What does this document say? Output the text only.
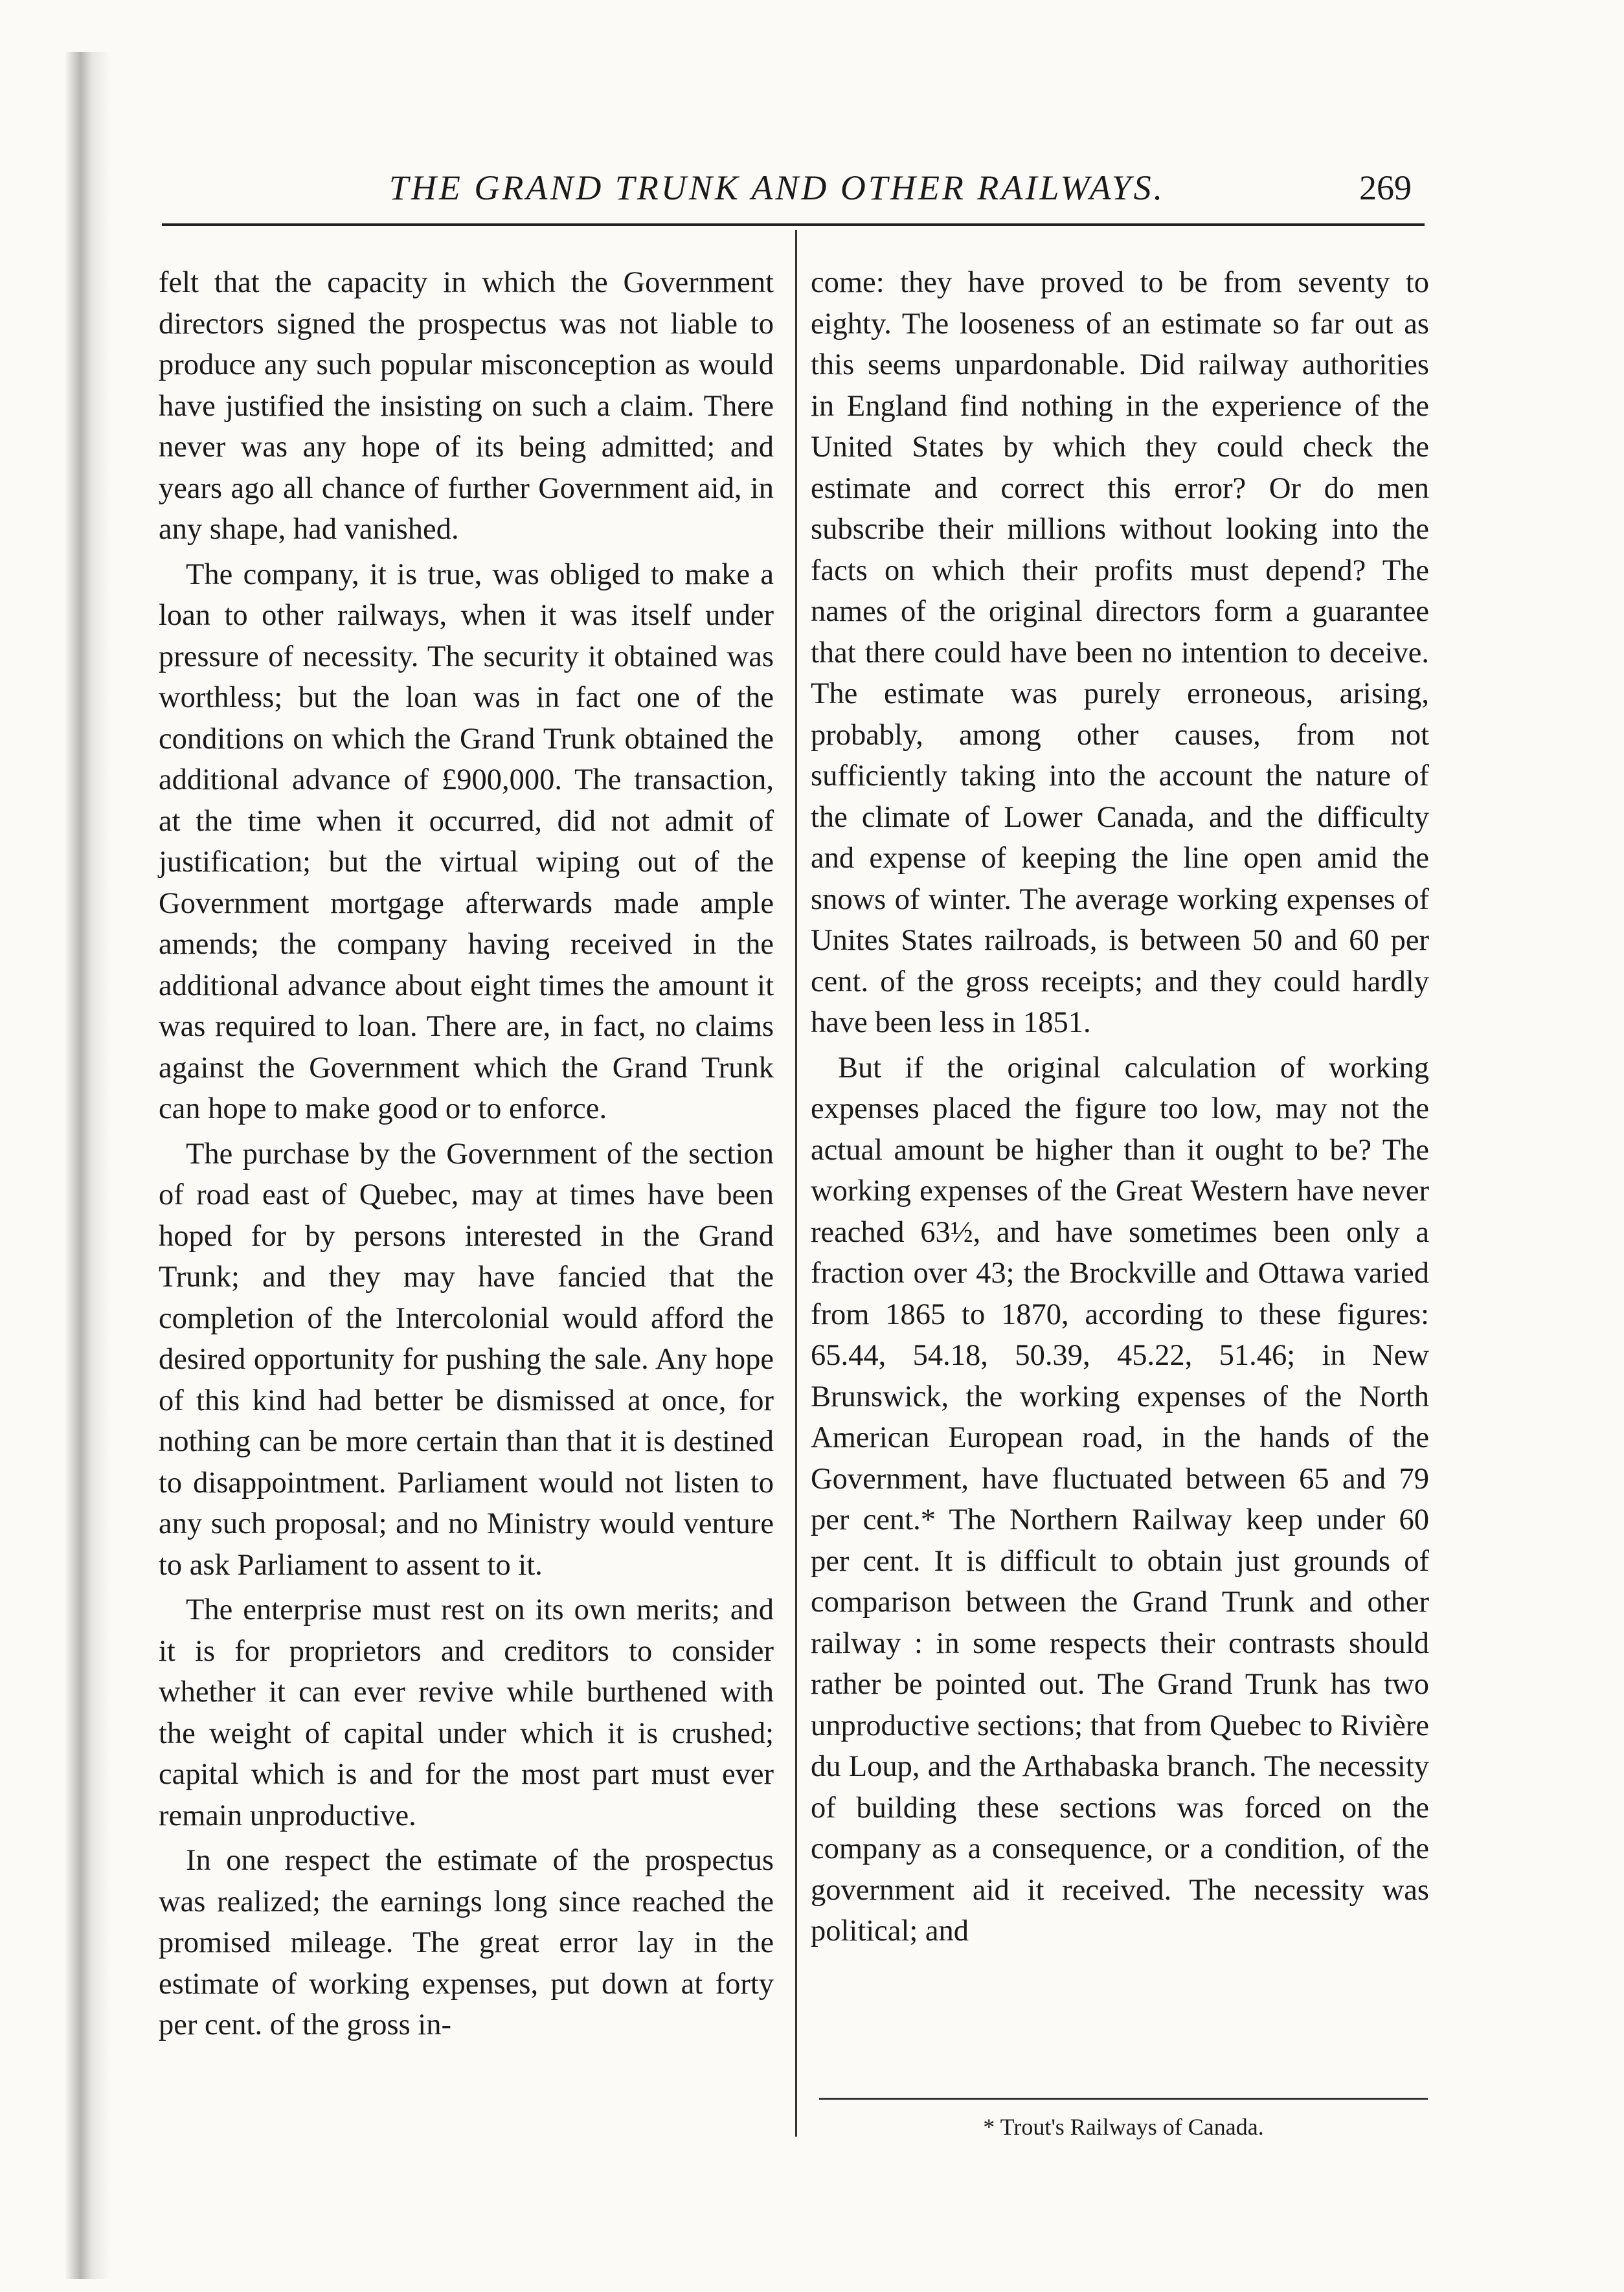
THE GRAND TRUNK AND OTHER RAILWAYS.	269

felt that the capacity in which the Government directors signed the prospectus was not liable to produce any such popular misconception as would have justified the insisting on such a claim. There never was any hope of its being admitted; and years ago all chance of further Government aid, in any shape, had vanished.

The company, it is true, was obliged to make a loan to other railways, when it was itself under pressure of necessity. The security it obtained was worthless; but the loan was in fact one of the conditions on which the Grand Trunk obtained the additional advance of £900,000. The transaction, at the time when it occurred, did not admit of justification; but the virtual wiping out of the Government mortgage afterwards made ample amends; the company having received in the additional advance about eight times the amount it was required to loan. There are, in fact, no claims against the Government which the Grand Trunk can hope to make good or to enforce.

The purchase by the Government of the section of road east of Quebec, may at times have been hoped for by persons interested in the Grand Trunk; and they may have fancied that the completion of the Intercolonial would afford the desired opportunity for pushing the sale. Any hope of this kind had better be dismissed at once, for nothing can be more certain than that it is destined to disappointment. Parliament would not listen to any such proposal; and no Ministry would venture to ask Parliament to assent to it.

The enterprise must rest on its own merits; and it is for proprietors and creditors to consider whether it can ever revive while burthened with the weight of capital under which it is crushed; capital which is and for the most part must ever remain unproductive.

In one respect the estimate of the prospectus was realized; the earnings long since reached the promised mileage. The great error lay in the estimate of working expenses, put down at forty per cent. of the gross in-

come: they have proved to be from seventy to eighty. The looseness of an estimate so far out as this seems unpardonable. Did railway authorities in England find nothing in the experience of the United States by which they could check the estimate and correct this error? Or do men subscribe their millions without looking into the facts on which their profits must depend? The names of the original directors form a guarantee that there could have been no intention to deceive. The estimate was purely erroneous, arising, probably, among other causes, from not sufficiently taking into the account the nature of the climate of Lower Canada, and the difficulty and expense of keeping the line open amid the snows of winter. The average working expenses of Unites States railroads, is between 50 and 60 per cent. of the gross receipts; and they could hardly have been less in 1851.

But if the original calculation of working expenses placed the figure too low, may not the actual amount be higher than it ought to be? The working expenses of the Great Western have never reached 63½, and have sometimes been only a fraction over 43; the Brockville and Ottawa varied from 1865 to 1870, according to these figures: 65.44, 54.18, 50.39, 45.22, 51.46; in New Brunswick, the working expenses of the North American European road, in the hands of the Government, have fluctuated between 65 and 79 per cent.* The Northern Railway keep under 60 per cent. It is difficult to obtain just grounds of comparison between the Grand Trunk and other railway : in some respects their contrasts should rather be pointed out. The Grand Trunk has two unproductive sections; that from Quebec to Rivière du Loup, and the Arthabaska branch. The necessity of building these sections was forced on the company as a consequence, or a condition, of the government aid it received. The necessity was political; and

* Trout's Railways of Canada.
